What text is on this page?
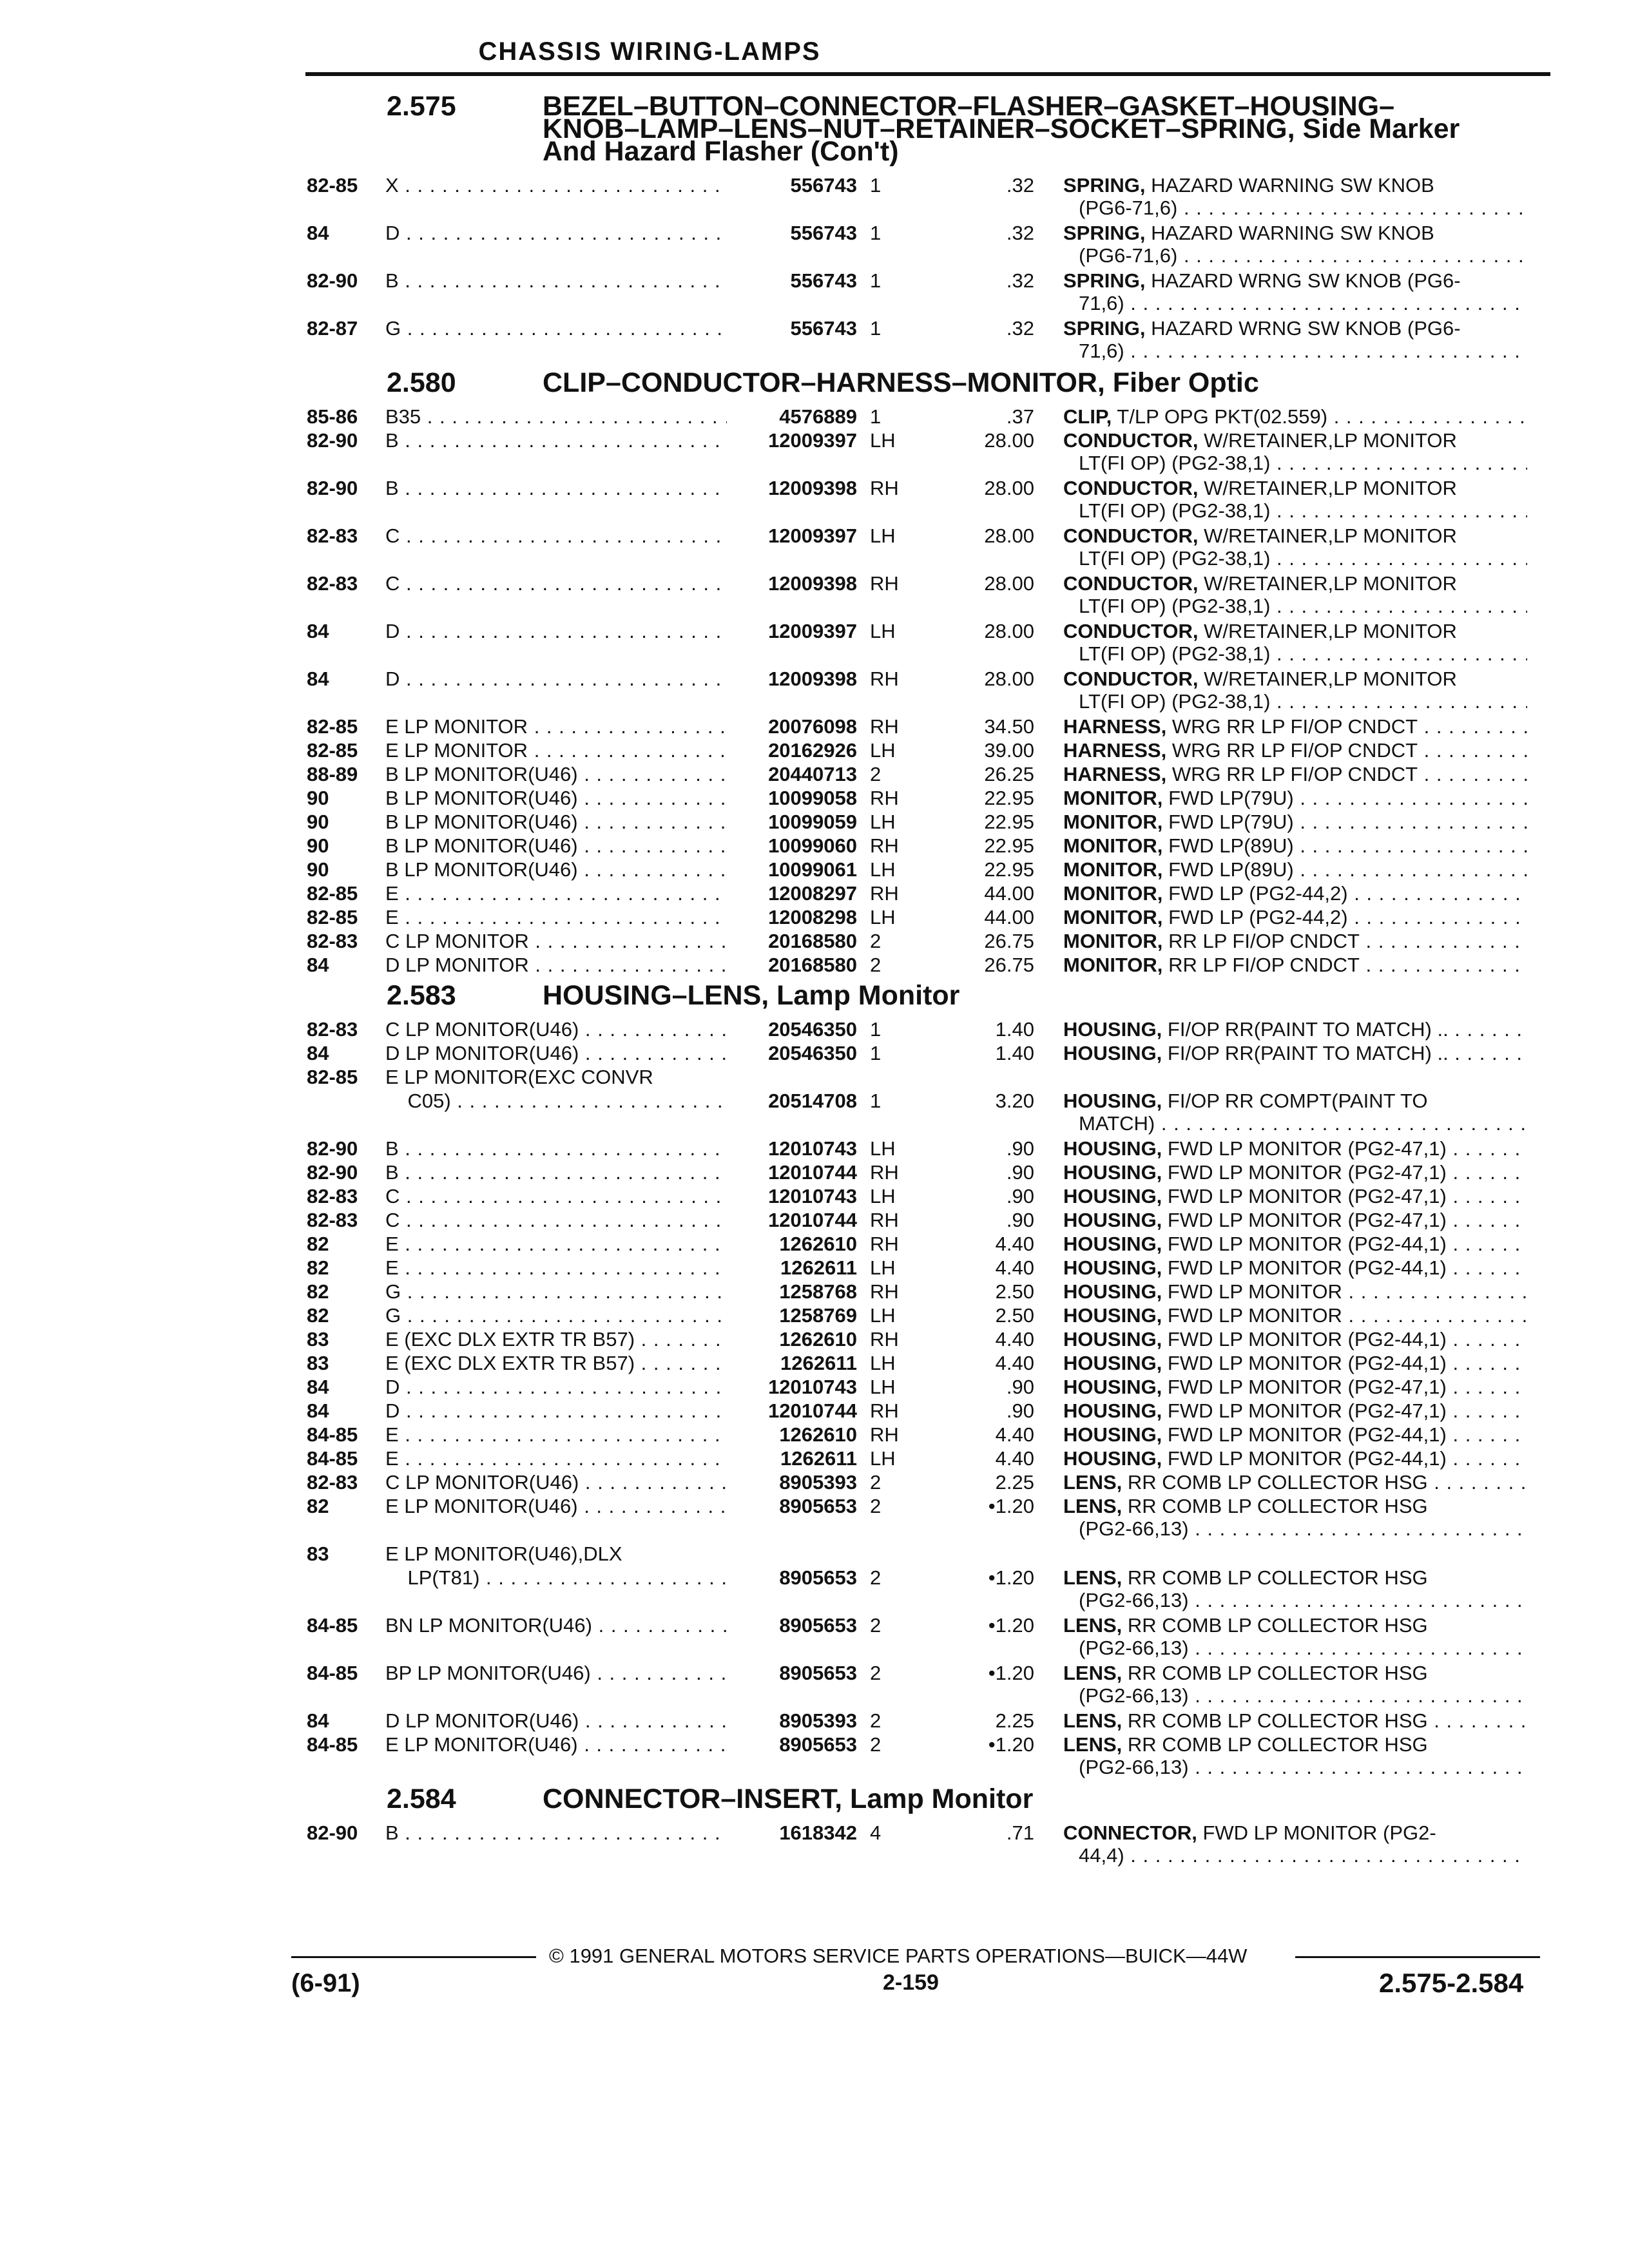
CHASSIS WIRING-LAMPS
2.575	BEZEL–BUTTON–CONNECTOR–FLASHER–GASKET–HOUSING–
KNOB–LAMP–LENS–NUT–RETAINER–SOCKET–SPRING, Side Marker
And Hazard Flasher (Con't)
82-85	X . . .	556743 1	.32 SPRING, HAZARD WARNING SW KNOB
(PG6-71,6) . . .
84	D . . .	556743 1	.32 SPRING, HAZARD WARNING SW KNOB
(PG6-71,6) . . .
82-90	B . . .	556743 1	.32 SPRING, HAZARD WRNG SW KNOB (PG6-
71,6) . . .
82-87	G . . .	556743 1	.32 SPRING, HAZARD WRNG SW KNOB (PG6-
71,6) . . .
2.580	CLIP–CONDUCTOR–HARNESS–MONITOR, Fiber Optic
85-86	B35 . . .	4576889 1	.37 CLIP, T/LP OPG PKT(02.559) . . .
82-90	B . . .	12009397 LH	28.00 CONDUCTOR, W/RETAINER,LP MONITOR
LT(FI OP) (PG2-38,1) . . .
82-90	B . . .	12009398 RH	28.00 CONDUCTOR, W/RETAINER,LP MONITOR
LT(FI OP) (PG2-38,1) . . .
82-83	C . . .	12009397 LH	28.00 CONDUCTOR, W/RETAINER,LP MONITOR
LT(FI OP) (PG2-38,1) . . .
82-83	C . . .	12009398 RH	28.00 CONDUCTOR, W/RETAINER,LP MONITOR
LT(FI OP) (PG2-38,1) . . .
84	D . . .	12009397 LH	28.00 CONDUCTOR, W/RETAINER,LP MONITOR
LT(FI OP) (PG2-38,1) . . .
84	D . . .	12009398 RH	28.00 CONDUCTOR, W/RETAINER,LP MONITOR
LT(FI OP) (PG2-38,1) . . .
82-85	E LP MONITOR . . .	20076098 RH	34.50 HARNESS, WRG RR LP FI/OP CNDCT . . .
82-85	E LP MONITOR . . .	20162926 LH	39.00 HARNESS, WRG RR LP FI/OP CNDCT . . .
88-89	B LP MONITOR(U46) . . .	20440713 2	26.25 HARNESS, WRG RR LP FI/OP CNDCT . . .
90	B LP MONITOR(U46) . . .	10099058 RH	22.95 MONITOR, FWD LP(79U) . . .
90	B LP MONITOR(U46) . . .	10099059 LH	22.95 MONITOR, FWD LP(79U) . . .
90	B LP MONITOR(U46) . . .	10099060 RH	22.95 MONITOR, FWD LP(89U) . . .
90	B LP MONITOR(U46) . . .	10099061 LH	22.95 MONITOR, FWD LP(89U) . . .
82-85	E . . .	12008297 RH	44.00 MONITOR, FWD LP (PG2-44,2) . . .
82-85	E . . .	12008298 LH	44.00 MONITOR, FWD LP (PG2-44,2) . . .
82-83	C LP MONITOR . . .	20168580 2	26.75 MONITOR, RR LP FI/OP CNDCT . . .
84	D LP MONITOR . . .	20168580 2	26.75 MONITOR, RR LP FI/OP CNDCT . . .
2.583	HOUSING–LENS, Lamp Monitor
82-83	C LP MONITOR(U46) . . .	20546350 1	1.40 HOUSING, FI/OP RR(PAINT TO MATCH) .. . . .
84	D LP MONITOR(U46) . . .	20546350 1	1.40 HOUSING, FI/OP RR(PAINT TO MATCH) .. . . .
82-85	E LP MONITOR(EXC CONVR
C05) . . .	20514708 1	3.20 HOUSING, FI/OP RR COMPT(PAINT TO
MATCH) . . .
82-90	B . . .	12010743 LH	.90 HOUSING, FWD LP MONITOR (PG2-47,1) . . .
82-90	B . . .	12010744 RH	.90 HOUSING, FWD LP MONITOR (PG2-47,1) . . .
82-83	C . . .	12010743 LH	.90 HOUSING, FWD LP MONITOR (PG2-47,1) . . .
82-83	C . . .	12010744 RH	.90 HOUSING, FWD LP MONITOR (PG2-47,1) . . .
82	E . . .	1262610 RH	4.40 HOUSING, FWD LP MONITOR (PG2-44,1) . . .
82	E . . .	1262611 LH	4.40 HOUSING, FWD LP MONITOR (PG2-44,1) . . .
82	G . . .	1258768 RH	2.50 HOUSING, FWD LP MONITOR . . .
82	G . . .	1258769 LH	2.50 HOUSING, FWD LP MONITOR . . .
83	E (EXC DLX EXTR TR B57) . . .	1262610 RH	4.40 HOUSING, FWD LP MONITOR (PG2-44,1) . . .
83	E (EXC DLX EXTR TR B57) . . .	1262611 LH	4.40 HOUSING, FWD LP MONITOR (PG2-44,1) . . .
84	D . . .	12010743 LH	.90 HOUSING, FWD LP MONITOR (PG2-47,1) . . .
84	D . . .	12010744 RH	.90 HOUSING, FWD LP MONITOR (PG2-47,1) . . .
84-85	E . . .	1262610 RH	4.40 HOUSING, FWD LP MONITOR (PG2-44,1) . . .
84-85	E . . .	1262611 LH	4.40 HOUSING, FWD LP MONITOR (PG2-44,1) . . .
82-83	C LP MONITOR(U46) . . .	8905393 2	2.25 LENS, RR COMB LP COLLECTOR HSG . . .
82	E LP MONITOR(U46) . . .	8905653 2	•1.20 LENS, RR COMB LP COLLECTOR HSG
(PG2-66,13) . . .
83	E LP MONITOR(U46),DLX
LP(T81) . . .	8905653 2	•1.20 LENS, RR COMB LP COLLECTOR HSG
(PG2-66,13) . . .
84-85	BN LP MONITOR(U46) . . .	8905653 2	•1.20 LENS, RR COMB LP COLLECTOR HSG
(PG2-66,13) . . .
84-85	BP LP MONITOR(U46) . . .	8905653 2	•1.20 LENS, RR COMB LP COLLECTOR HSG
(PG2-66,13) . . .
84	D LP MONITOR(U46) . . .	8905393 2	2.25 LENS, RR COMB LP COLLECTOR HSG . . .
84-85	E LP MONITOR(U46) . . .	8905653 2	•1.20 LENS, RR COMB LP COLLECTOR HSG
(PG2-66,13) . . .
2.584	CONNECTOR–INSERT, Lamp Monitor
82-90	B . . .	1618342 4	.71 CONNECTOR, FWD LP MONITOR (PG2-
44,4) . . .
© 1991 GENERAL MOTORS SERVICE PARTS OPERATIONS—BUICK—44W
(6-91)	2-159	2.575-2.584
